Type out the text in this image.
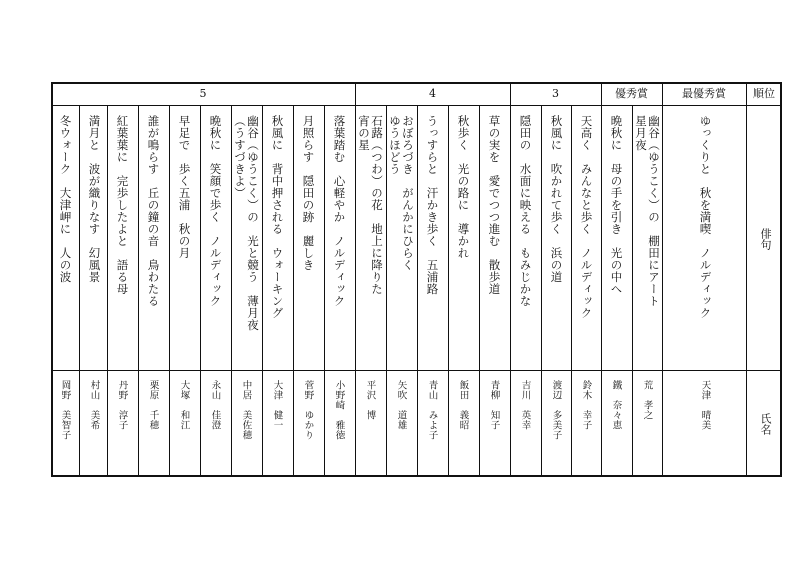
順位
最優秀賞
優秀賞
3
4
5
俳句
氏名
ゆっくりと　秋を満喫　ノルディック
幽谷（ゆうこく）の　棚田にアート
星月夜
晩秋に　母の手を引き　光の中へ
天高く　みんなと歩く　ノルディック
秋風に　吹かれて歩く　浜の道
隠田の　水面に映える　もみじかな
草の実を　愛でつつ進む　散歩道
秋歩く　光の路に　導かれ
うっすらと　汗かき歩く　五浦路
おぼろづき　がんかにひらく
ゆうほどう
石蕗（つわ）の花　地上に降りた
宵の星
落葉踏む　心軽やか　ノルディック
月照らす　隠田の跡　麗しき
秋風に　背中押される　ウォーキング
幽谷（ゆうこく）の　光と競う　薄月夜
（うすづきよ）
晩秋に　笑顔で歩く　ノルディック
早足で　歩く五浦　秋の月
誰が鳴らす　丘の鐘の音　鳥わたる
紅葉葉に　完歩したよと　語る母
満月と　波が織りなす　幻風景
冬ウォーク　大津岬に　人の波
天津　晴美
荒　孝之
鐵　奈々恵
鈴木　幸子
渡辺　多美子
吉川　英幸
青柳　知子
飯田　義昭
青山　みよ子
矢吹　道雄
平沢　博
小野崎　雅徳
菅野　ゆかり
大津　健一
中居　美佐穂
永山　佳澄
大塚　和江
栗原　千穂
丹野　淳子
村山　美希
岡野　美智子
